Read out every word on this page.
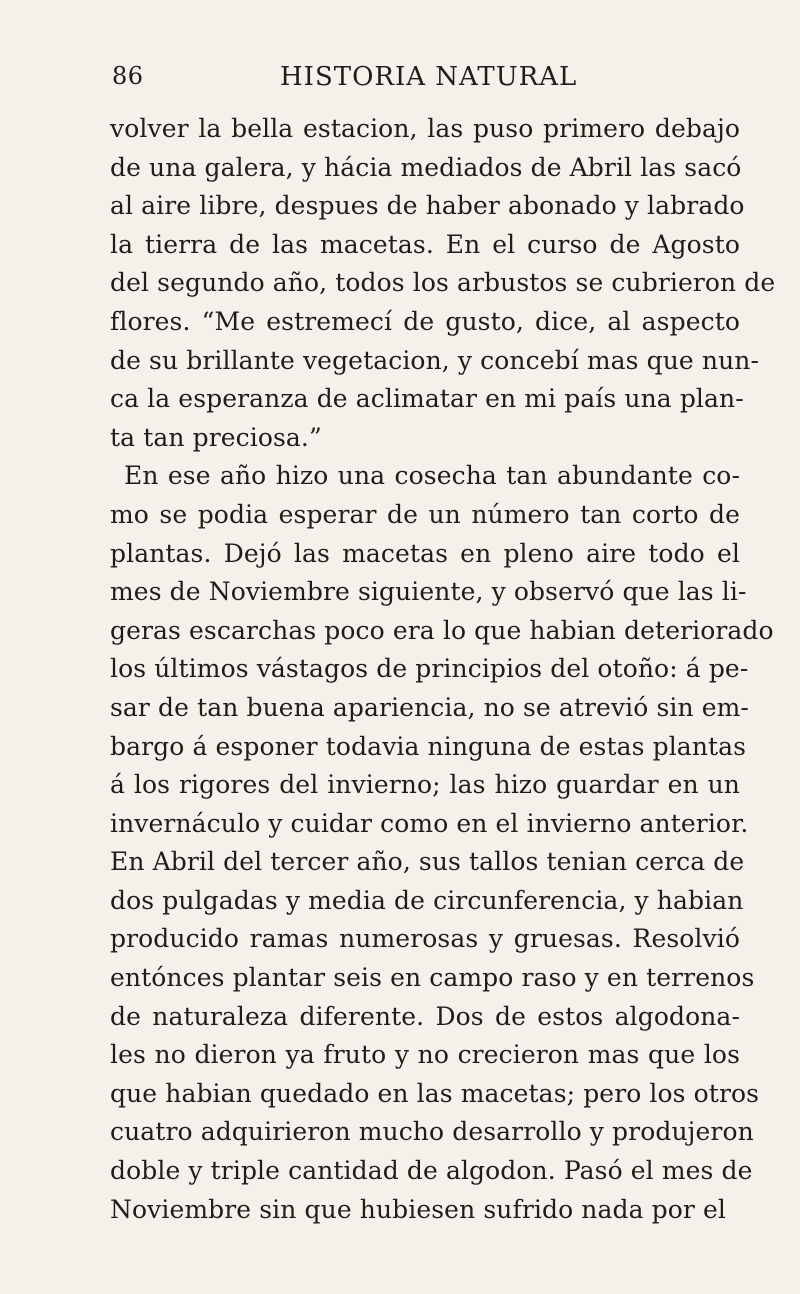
86	HISTORIA NATURAL
volver la bella estacion, las puso primero debajo
de una galera, y hácia mediados de Abril las sacó
al aire libre, despues de haber abonado y labrado
la tierra de las macetas. En el curso de Agosto
del segundo año, todos los arbustos se cubrieron de
flores. “Me estremecí de gusto, dice, al aspecto
de su brillante vegetacion, y concebí mas que nun-
ca la esperanza de aclimatar en mi país una plan-
ta tan preciosa.”
En ese año hizo una cosecha tan abundante co-
mo se podia esperar de un número tan corto de
plantas. Dejó las macetas en pleno aire todo el
mes de Noviembre siguiente, y observó que las li-
geras escarchas poco era lo que habian deteriorado
los últimos vástagos de principios del otoño: á pe-
sar de tan buena apariencia, no se atrevió sin em-
bargo á esponer todavia ninguna de estas plantas
á los rigores del invierno; las hizo guardar en un
invernáculo y cuidar como en el invierno anterior.
En Abril del tercer año, sus tallos tenian cerca de
dos pulgadas y media de circunferencia, y habian
producido ramas numerosas y gruesas. Resolvió
entónces plantar seis en campo raso y en terrenos
de naturaleza diferente. Dos de estos algodona-
les no dieron ya fruto y no crecieron mas que los
que habian quedado en las macetas; pero los otros
cuatro adquirieron mucho desarrollo y produjeron
doble y triple cantidad de algodon. Pasó el mes de
Noviembre sin que hubiesen sufrido nada por el
